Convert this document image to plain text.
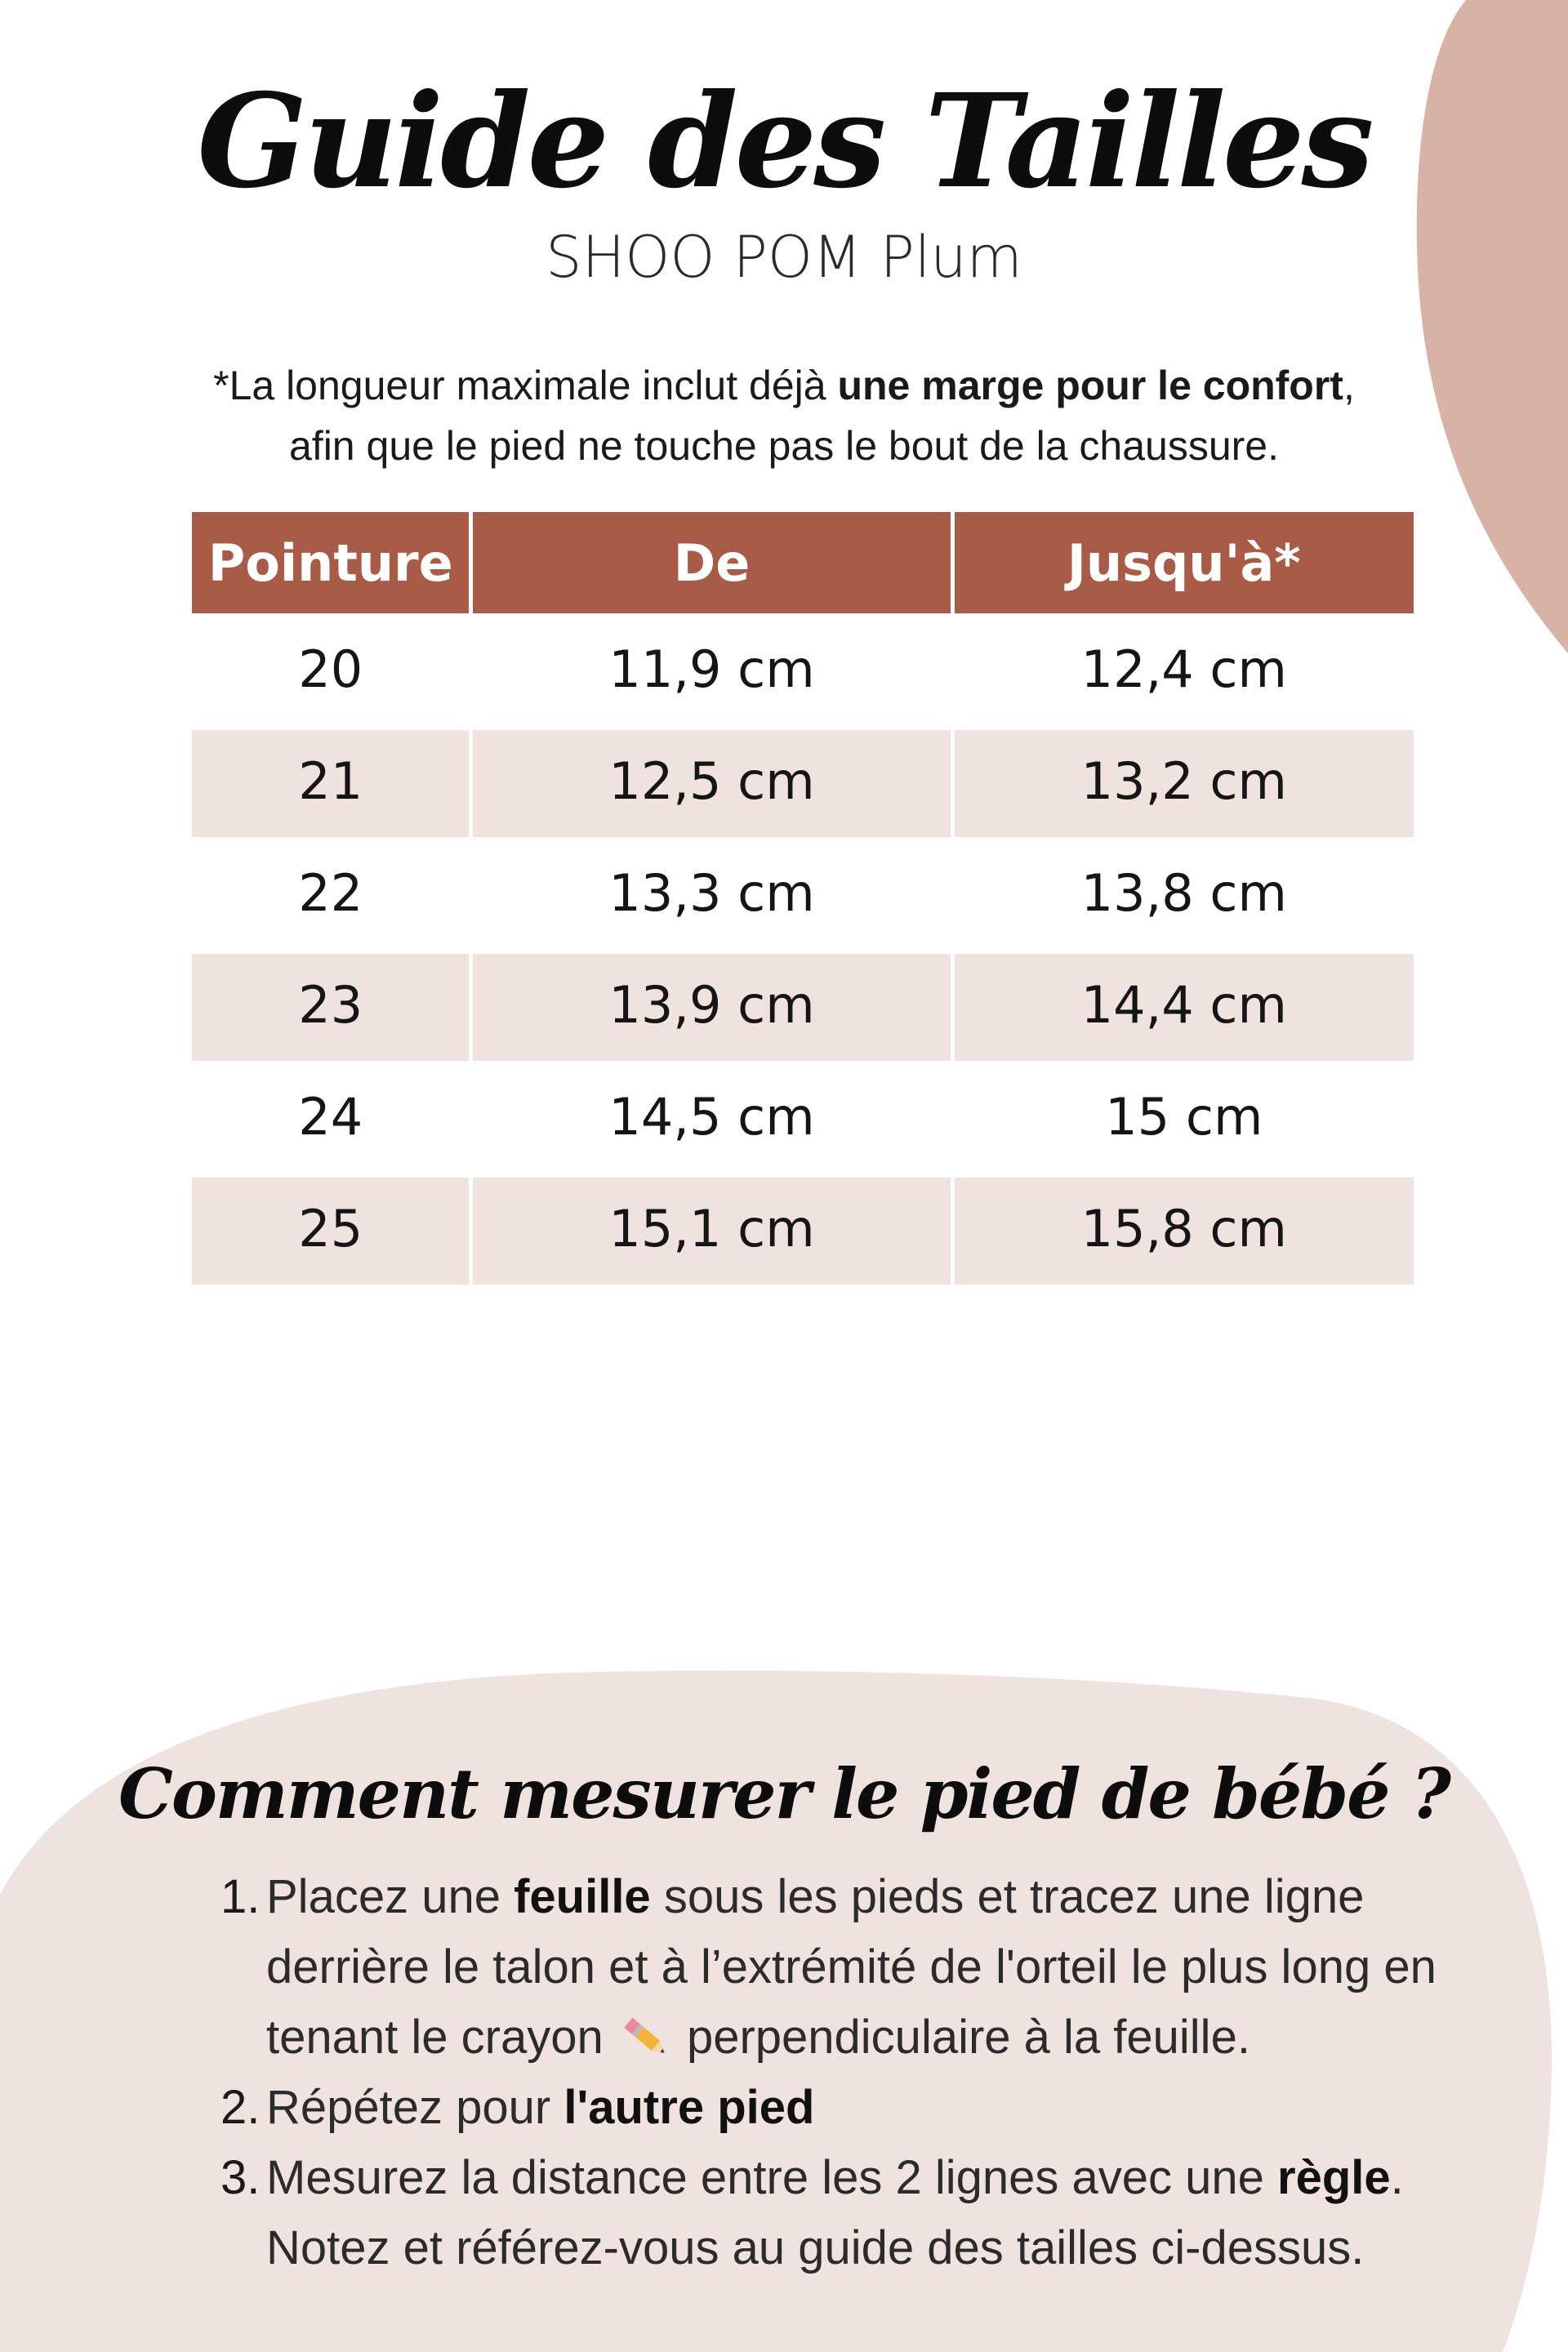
Guide des Tailles
SHOO POM Plum
*La longueur maximale inclut déjà une marge pour le confort,
afin que le pied ne touche pas le bout de la chaussure.
Pointure	De	Jusqu'à*
20	11,9 cm	12,4 cm
21	12,5 cm	13,2 cm
22	13,3 cm	13,8 cm
23	13,9 cm	14,4 cm
24	14,5 cm	15 cm
25	15,1 cm	15,8 cm
Comment mesurer le pied de bébé ?
1. Placez une feuille sous les pieds et tracez une ligne derrière le talon et à l’extrémité de l'orteil le plus long en tenant le crayon  perpendiculaire à la feuille.
2. Répétez pour l'autre pied
3. Mesurez la distance entre les 2 lignes avec une règle.
Notez et référez-vous au guide des tailles ci-dessus.
